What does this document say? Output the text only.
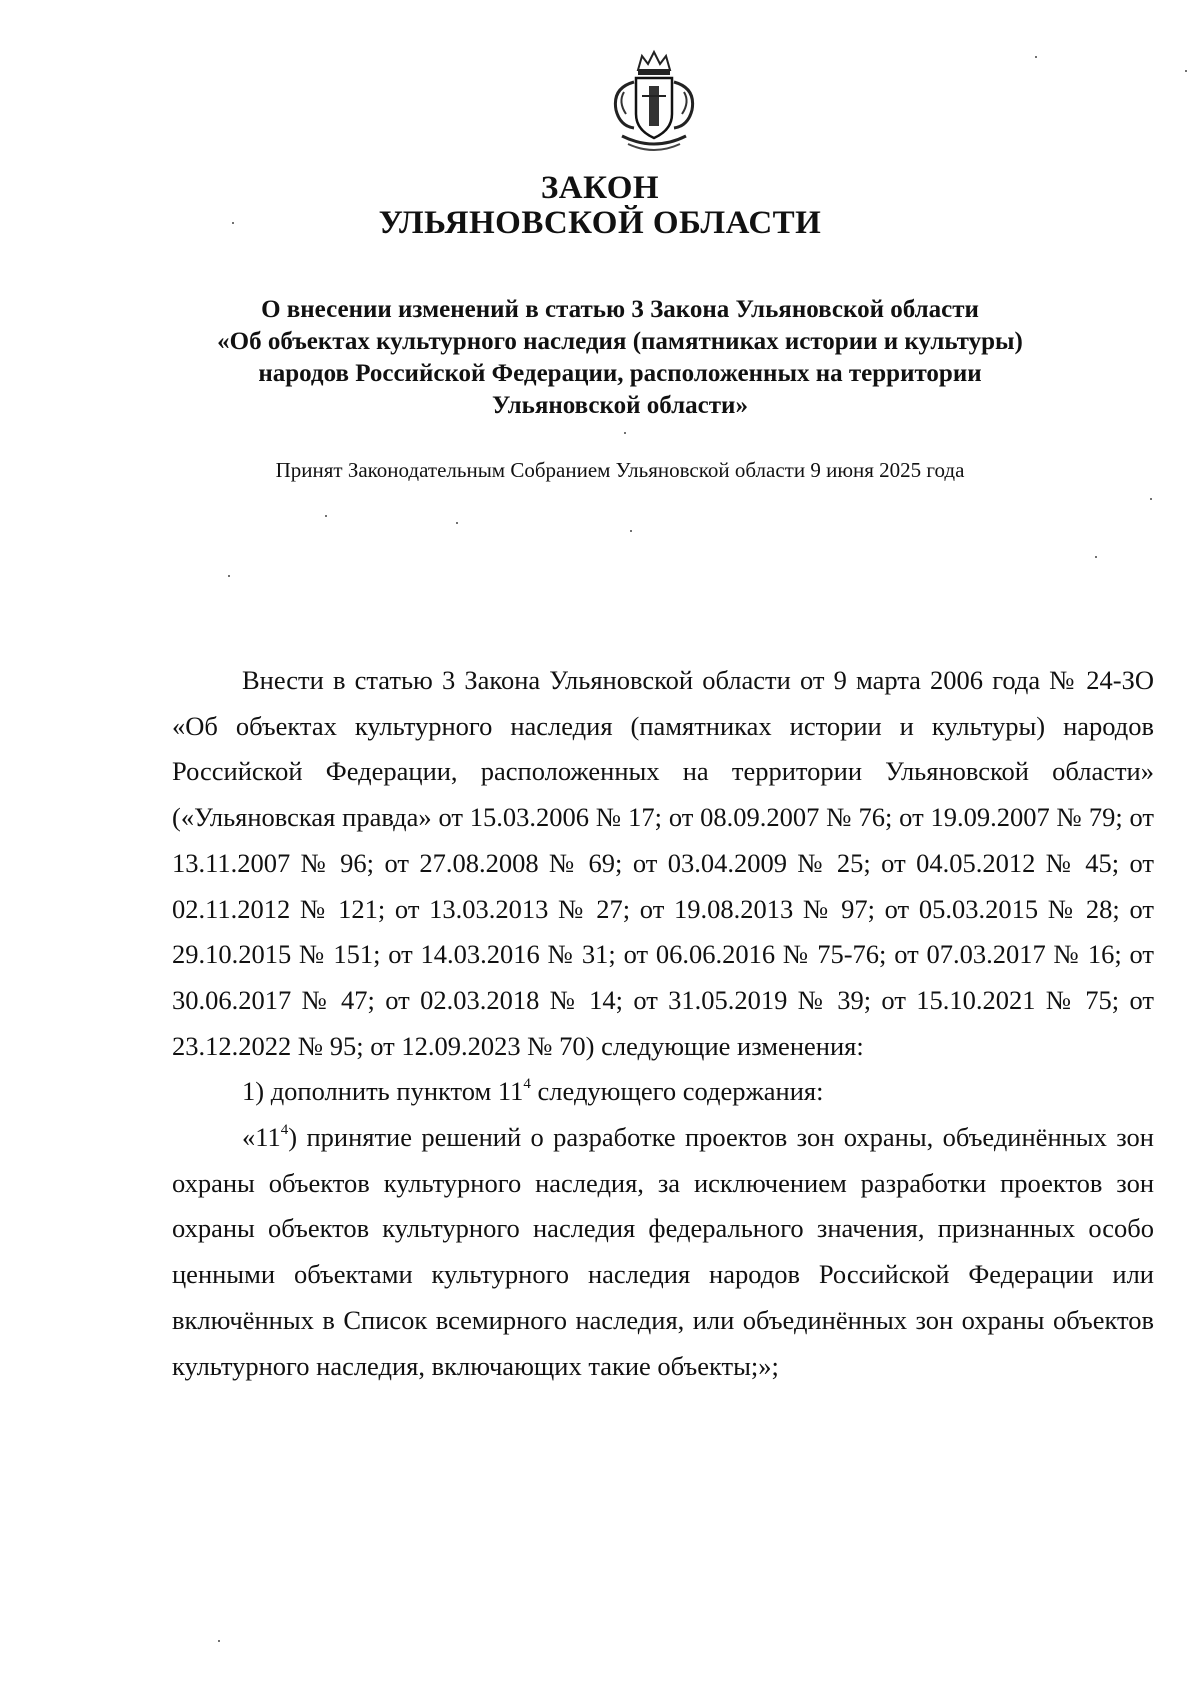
ЗАКОН
УЛЬЯНОВСКОЙ ОБЛАСТИ
О внесении изменений в статью 3 Закона Ульяновской области
«Об объектах культурного наследия (памятниках истории и культуры)
народов Российской Федерации, расположенных на территории
Ульяновской области»
Принят Законодательным Собранием Ульяновской области 9 июня 2025 года

Внести в статью 3 Закона Ульяновской области от 9 марта 2006 года № 24-ЗО «Об объектах культурного наследия (памятниках истории и культуры) народов Российской Федерации, расположенных на территории Ульяновской области» («Ульяновская правда» от 15.03.2006 № 17; от 08.09.2007 № 76; от 19.09.2007 № 79; от 13.11.2007 № 96; от 27.08.2008 № 69; от 03.04.2009 № 25; от 04.05.2012 № 45; от 02.11.2012 № 121; от 13.03.2013 № 27; от 19.08.2013 № 97; от 05.03.2015 № 28; от 29.10.2015 № 151; от 14.03.2016 № 31; от 06.06.2016 № 75-76; от 07.03.2017 № 16; от 30.06.2017 № 47; от 02.03.2018 № 14; от 31.05.2019 № 39; от 15.10.2021 № 75; от 23.12.2022 № 95; от 12.09.2023 № 70) следующие изменения:

1) дополнить пунктом $11^4$ следующего содержания:

«$11^4$) принятие решений о разработке проектов зон охраны, объединённых зон охраны объектов культурного наследия, за исключением разработки проектов зон охраны объектов культурного наследия федерального значения, признанных особо ценными объектами культурного наследия народов Российской Федерации или включённых в Список всемирного наследия, или объединённых зон охраны объектов культурного наследия, включающих такие объекты;»;
